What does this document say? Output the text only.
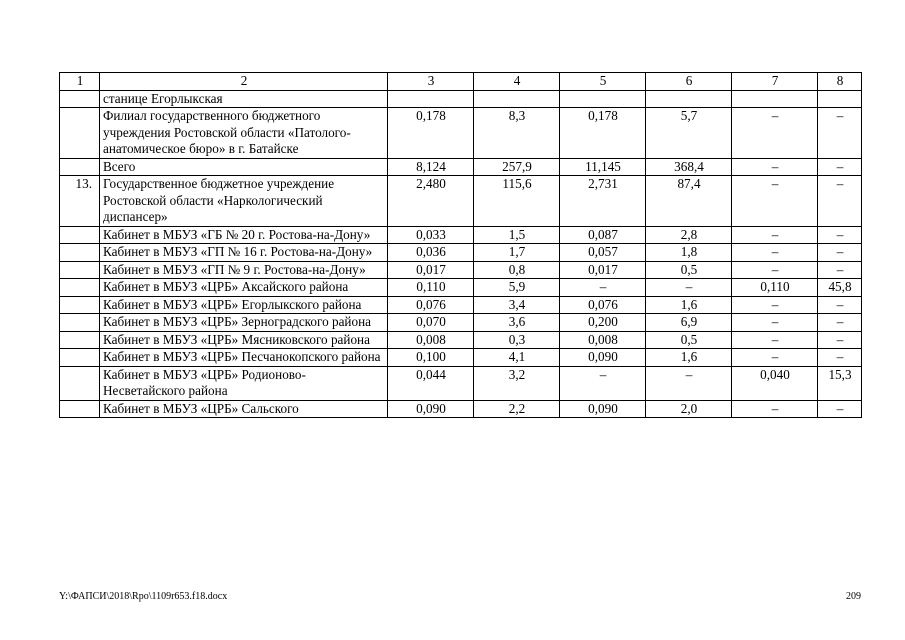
1	2	3	4	5	6	7	8
	станице Егорлыкская						
	Филиал государственного бюджетного учреждения Ростовской области «Патолого-анатомическое бюро» в г. Батайске	0,178	8,3	0,178	5,7	–	–
	Всего	8,124	257,9	11,145	368,4	–	–
13.	Государственное бюджетное учреждение Ростовской области «Наркологический диспансер»	2,480	115,6	2,731	87,4	–	–
	Кабинет в МБУЗ «ГБ № 20 г. Ростова-на-Дону»	0,033	1,5	0,087	2,8	–	–
	Кабинет в МБУЗ «ГП № 16 г. Ростова-на-Дону»	0,036	1,7	0,057	1,8	–	–
	Кабинет в МБУЗ «ГП № 9 г. Ростова-на-Дону»	0,017	0,8	0,017	0,5	–	–
	Кабинет в МБУЗ «ЦРБ» Аксайского района	0,110	5,9	–	–	0,110	45,8
	Кабинет в МБУЗ «ЦРБ» Егорлыкского района	0,076	3,4	0,076	1,6	–	–
	Кабинет в МБУЗ «ЦРБ» Зерноградского района	0,070	3,6	0,200	6,9	–	–
	Кабинет в МБУЗ «ЦРБ» Мясниковского района	0,008	0,3	0,008	0,5	–	–
	Кабинет в МБУЗ «ЦРБ» Песчанокопского района	0,100	4,1	0,090	1,6	–	–
	Кабинет в МБУЗ «ЦРБ» Родионово-Несветайского района	0,044	3,2	–	–	0,040	15,3
	Кабинет в МБУЗ «ЦРБ» Сальского	0,090	2,2	0,090	2,0	–	–
Y:\ФАПСИ\2018\Rpo\1109r653.f18.docx	209
